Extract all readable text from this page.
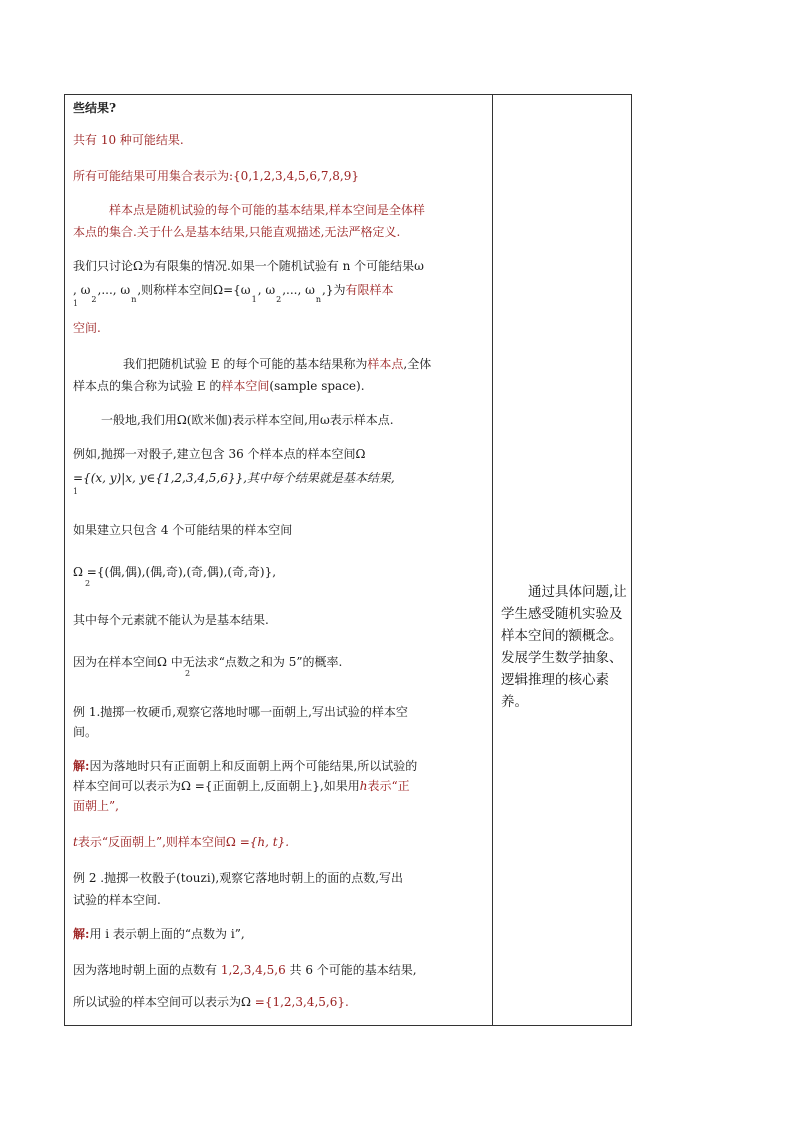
些结果?
共有 10 种可能结果.
所有可能结果可用集合表示为:{0,1,2,3,4,5,6,7,8,9}
样本点是随机试验的每个可能的基本结果,样本空间是全体样
本点的集合.关于什么是基本结果,只能直观描述,无法严格定义.
我们只讨论Ω为有限集的情况.如果一个随机试验有 n 个可能结果ω
, $\omega_2$,..., $\omega_n$,则称样本空间$\Omega=\{\omega_1$, $\omega_2$,..., $\omega_n$,}为有限样本
1
空间.
我们把随机试验 E 的每个可能的基本结果称为样本点,全体
样本点的集合称为试验 E 的样本空间(sample space).
一般地,我们用Ω(欧米伽)表示样本空间,用ω表示样本点.
例如,抛掷一对骰子,建立包含 36 个样本点的样本空间Ω
={(x, y)|x, y∈{1,2,3,4,5,6}},其中每个结果就是基本结果,
1
如果建立只包含 4 个可能结果的样本空间
Ω ={(偶,偶),(偶,奇),(奇,偶),(奇,奇)},
2
其中每个元素就不能认为是基本结果.
因为在样本空间Ω 中无法求“点数之和为 5”的概率.
2
例 1.抛掷一枚硬币,观察它落地时哪一面朝上,写出试验的样本空
间。
解:因为落地时只有正面朝上和反面朝上两个可能结果,所以试验的
样本空间可以表示为Ω ={正面朝上,反面朝上},如果用h表示“正
面朝上”,
t表示“反面朝上”,则样本空间Ω ={h, t}.
例 2 .抛掷一枚骰子(touzi),观察它落地时朝上的面的点数,写出
试验的样本空间.
解:用 i 表示朝上面的“点数为 i”,
因为落地时朝上面的点数有 1,2,3,4,5,6 共 6 个可能的基本结果,
所以试验的样本空间可以表示为Ω ={1,2,3,4,5,6}.
通过具体问题,让学生感受随机实验及样本空间的额概念。发展学生数学抽象、逻辑推理的核心素养。
